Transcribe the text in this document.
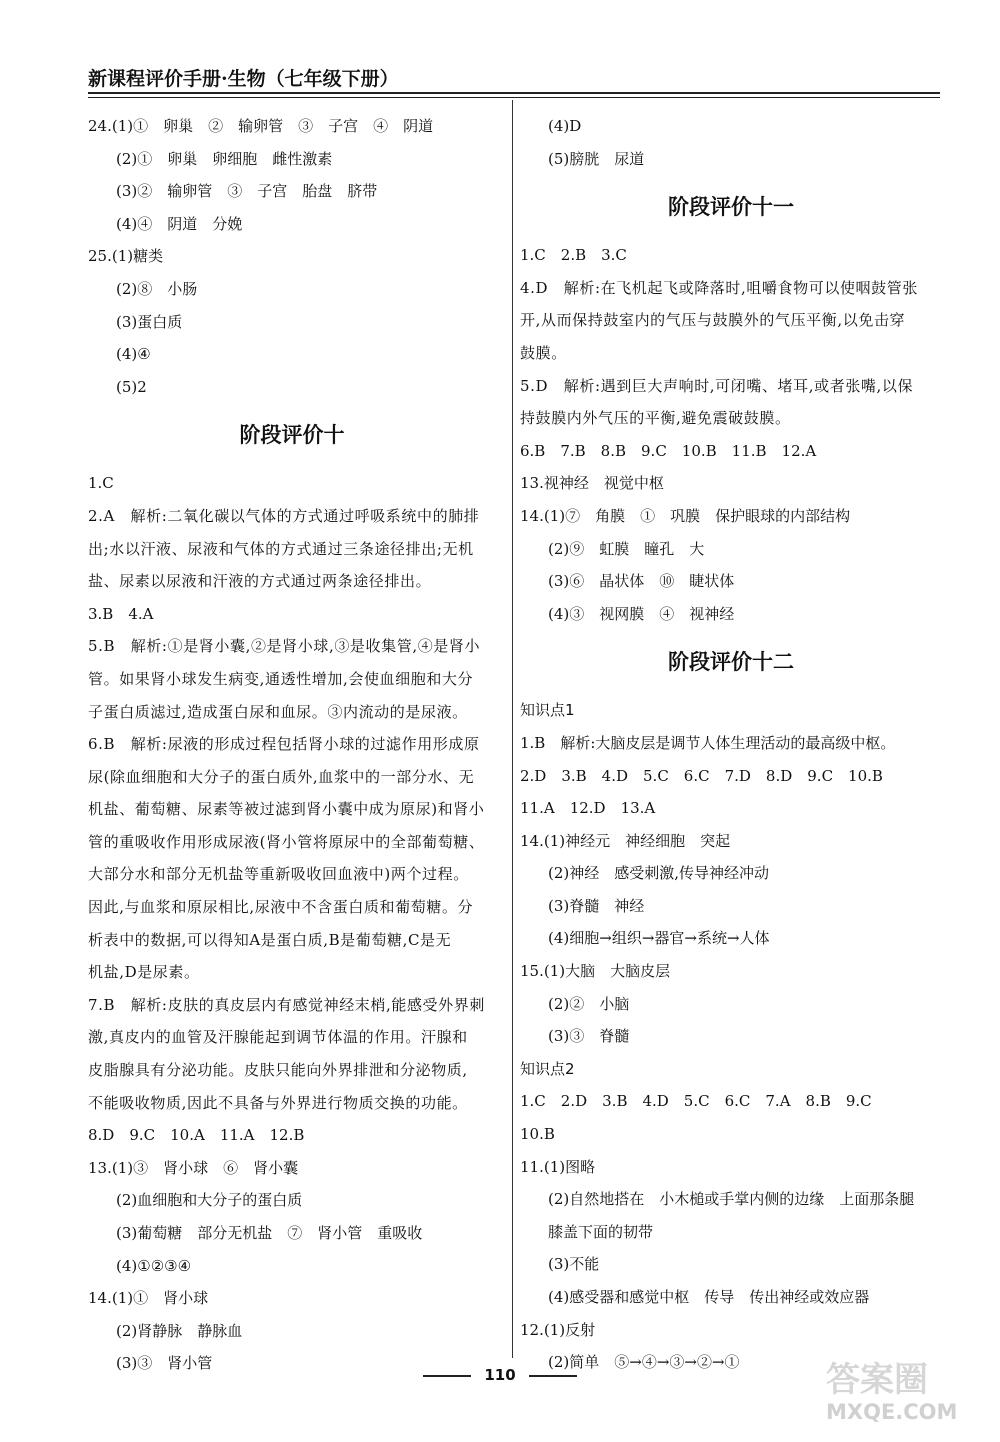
新课程评价手册·生物（七年级下册）
24.(1)①　卵巢　②　输卵管　③　子宫　④　阴道
(2)①　卵巢　卵细胞　雌性激素
(3)②　输卵管　③　子宫　胎盘　脐带
(4)④　阴道　分娩
25.(1)糖类
(2)⑧　小肠
(3)蛋白质
(4)④
(5)2
阶段评价十
1.C
2.A　解析:二氧化碳以气体的方式通过呼吸系统中的肺排
出;水以汗液、尿液和气体的方式通过三条途径排出;无机
盐、尿素以尿液和汗液的方式通过两条途径排出。
3.B　4.A
5.B　解析:①是肾小囊,②是肾小球,③是收集管,④是肾小
管。如果肾小球发生病变,通透性增加,会使血细胞和大分
子蛋白质滤过,造成蛋白尿和血尿。③内流动的是尿液。
6.B　解析:尿液的形成过程包括肾小球的过滤作用形成原
尿(除血细胞和大分子的蛋白质外,血浆中的一部分水、无
机盐、葡萄糖、尿素等被过滤到肾小囊中成为原尿)和肾小
管的重吸收作用形成尿液(肾小管将原尿中的全部葡萄糖、
大部分水和部分无机盐等重新吸收回血液中)两个过程。
因此,与血浆和原尿相比,尿液中不含蛋白质和葡萄糖。分
析表中的数据,可以得知A是蛋白质,B是葡萄糖,C是无
机盐,D是尿素。
7.B　解析:皮肤的真皮层内有感觉神经末梢,能感受外界刺
激,真皮内的血管及汗腺能起到调节体温的作用。汗腺和
皮脂腺具有分泌功能。皮肤只能向外界排泄和分泌物质,
不能吸收物质,因此不具备与外界进行物质交换的功能。
8.D　9.C　10.A　11.A　12.B
13.(1)③　肾小球　⑥　肾小囊
(2)血细胞和大分子的蛋白质
(3)葡萄糖　部分无机盐　⑦　肾小管　重吸收
(4)①②③④
14.(1)①　肾小球
(2)肾静脉　静脉血
(3)③　肾小管
(4)D
(5)膀胱　尿道
阶段评价十一
1.C　2.B　3.C
4.D　解析:在飞机起飞或降落时,咀嚼食物可以使咽鼓管张
开,从而保持鼓室内的气压与鼓膜外的气压平衡,以免击穿
鼓膜。
5.D　解析:遇到巨大声响时,可闭嘴、堵耳,或者张嘴,以保
持鼓膜内外气压的平衡,避免震破鼓膜。
6.B　7.B　8.B　9.C　10.B　11.B　12.A
13.视神经　视觉中枢
14.(1)⑦　角膜　①　巩膜　保护眼球的内部结构
(2)⑨　虹膜　瞳孔　大
(3)⑥　晶状体　⑩　睫状体
(4)③　视网膜　④　视神经
阶段评价十二
知识点1
1.B　解析:大脑皮层是调节人体生理活动的最高级中枢。
2.D　3.B　4.D　5.C　6.C　7.D　8.D　9.C　10.B
11.A　12.D　13.A
14.(1)神经元　神经细胞　突起
(2)神经　感受刺激,传导神经冲动
(3)脊髓　神经
(4)细胞→组织→器官→系统→人体
15.(1)大脑　大脑皮层
(2)②　小脑
(3)③　脊髓
知识点2
1.C　2.D　3.B　4.D　5.C　6.C　7.A　8.B　9.C
10.B
11.(1)图略
(2)自然地搭在　小木槌或手掌内侧的边缘　上面那条腿
膝盖下面的韧带
(3)不能
(4)感受器和感觉中枢　传导　传出神经或效应器
12.(1)反射
(2)简单　⑤→④→③→②→①
110	答案圈
MXQE.COM
